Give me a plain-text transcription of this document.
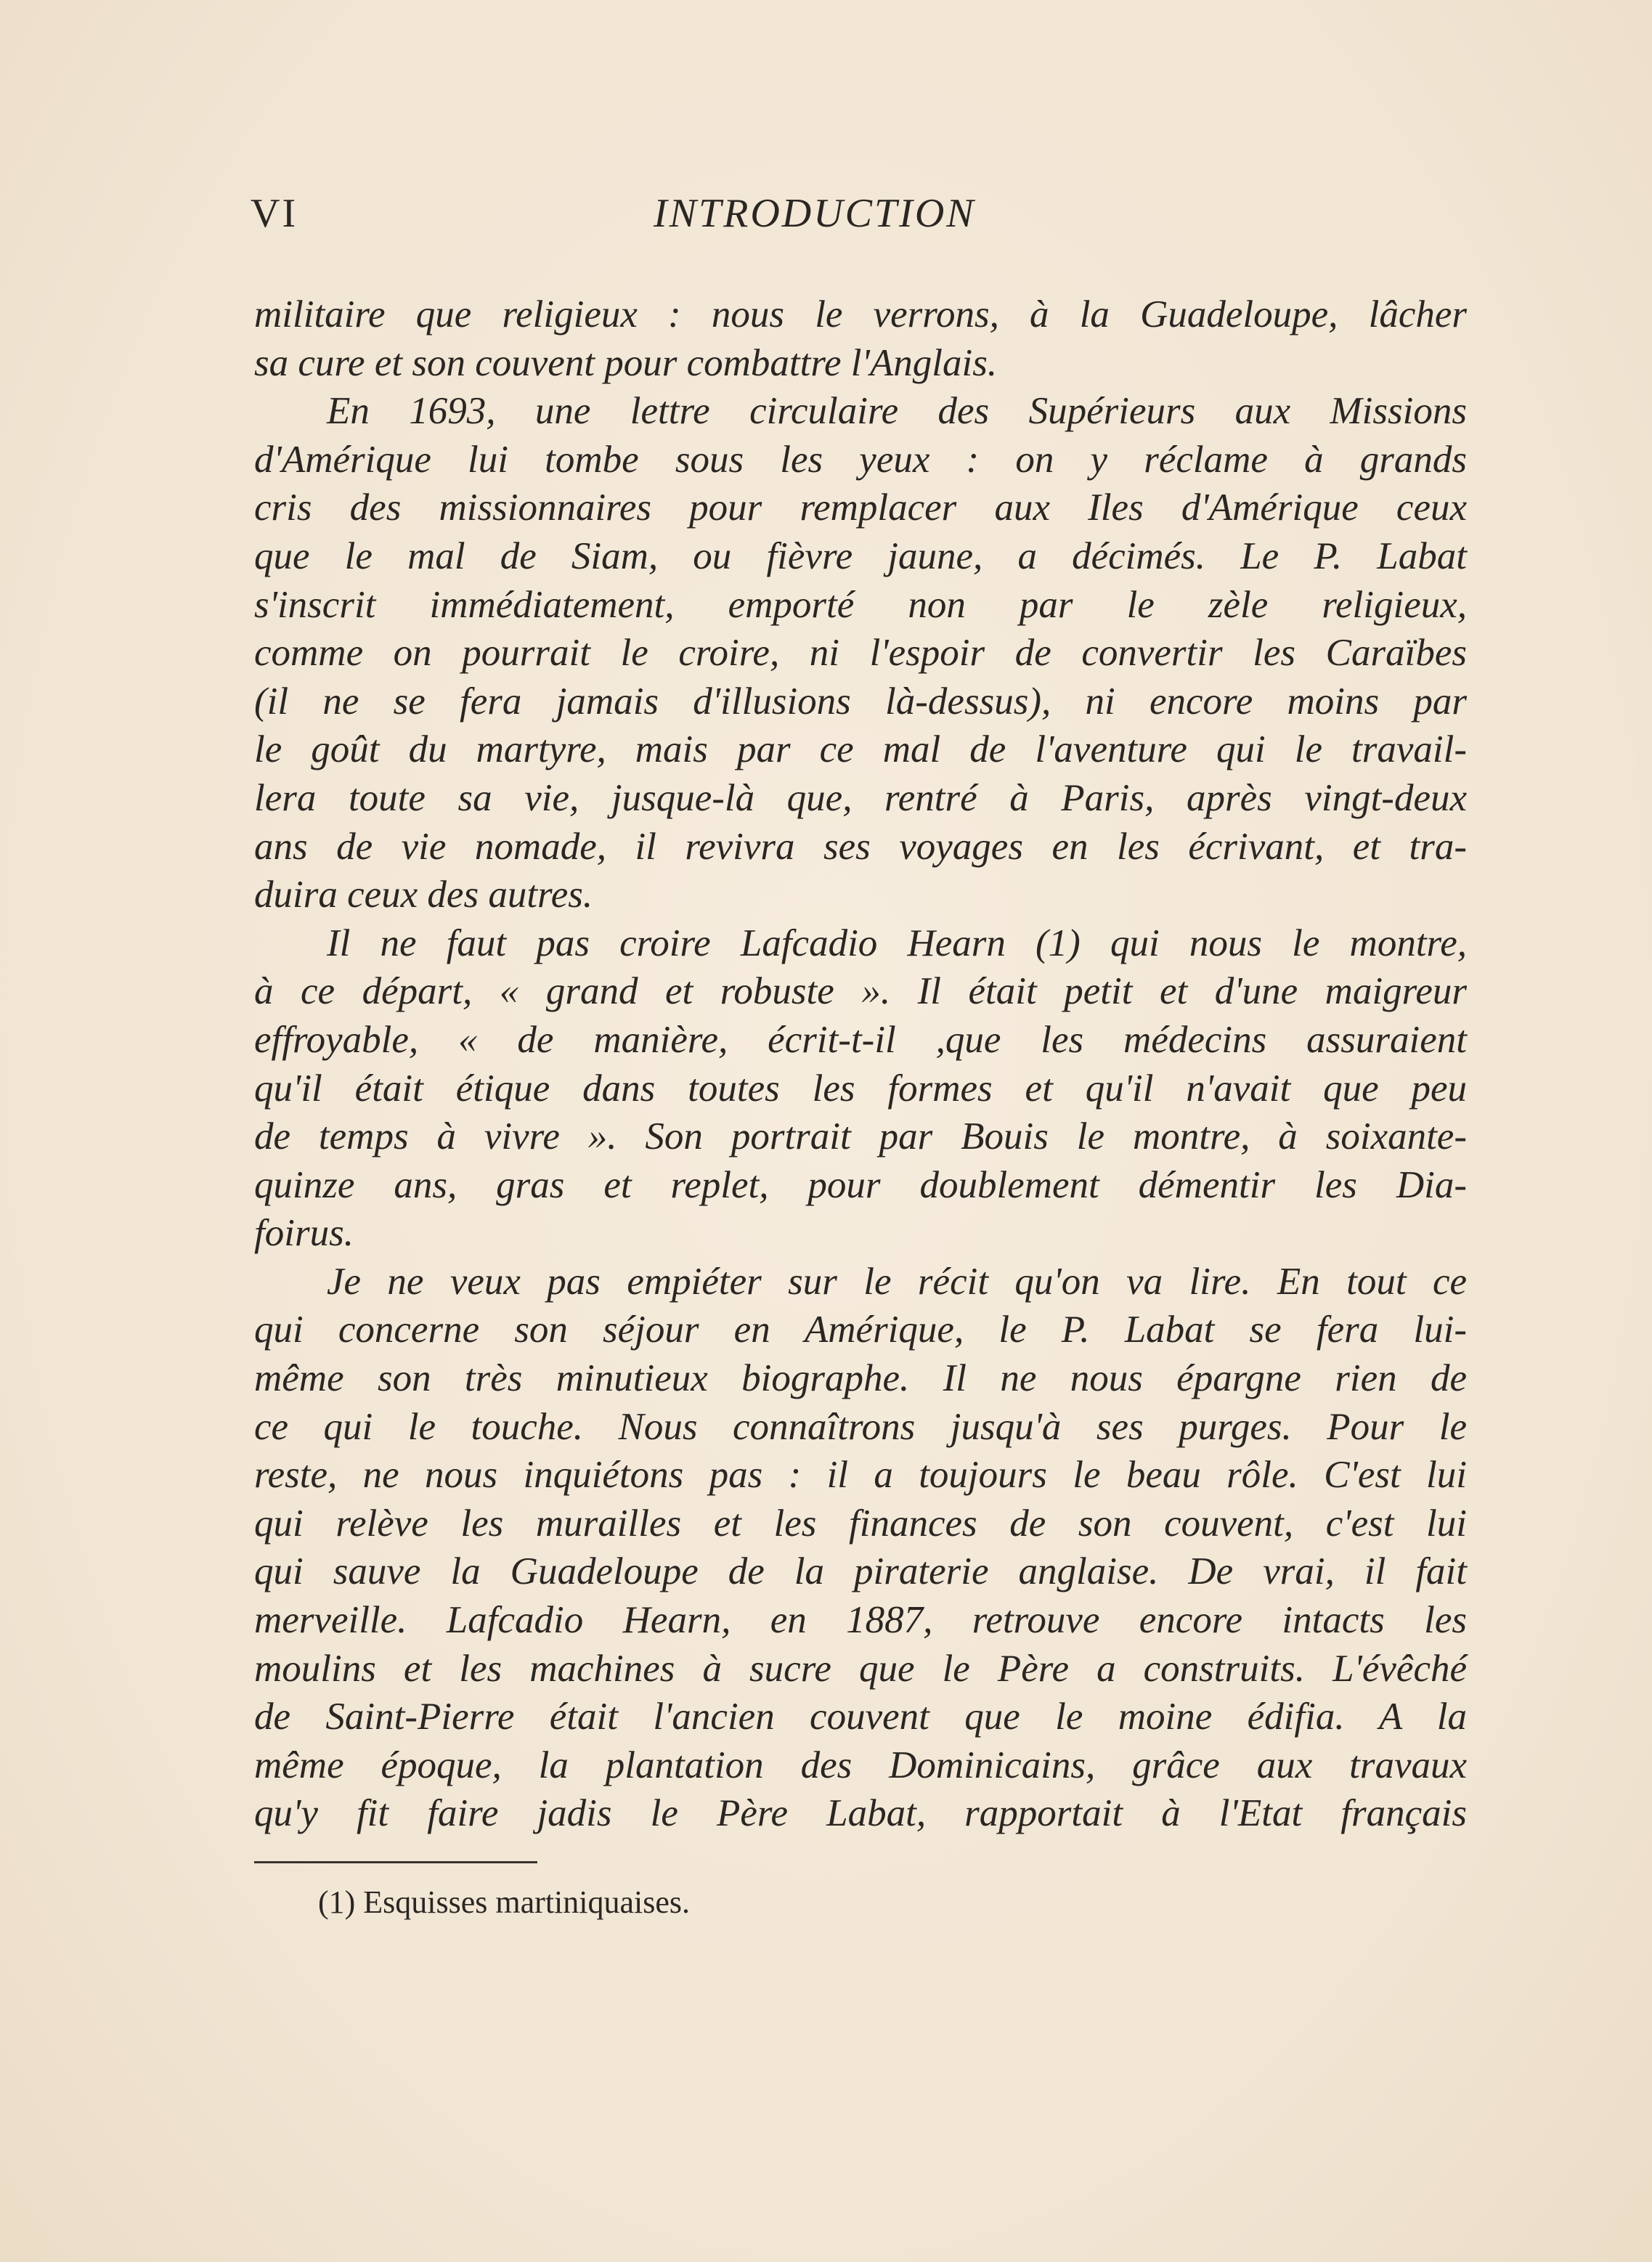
VI	INTRODUCTION
militaire que religieux : nous le verrons, à la Guadeloupe, lâcher
sa cure et son couvent pour combattre l'Anglais.
En 1693, une lettre circulaire des Supérieurs aux Missions
d'Amérique lui tombe sous les yeux : on y réclame à grands
cris des missionnaires pour remplacer aux Iles d'Amérique ceux
que le mal de Siam, ou fièvre jaune, a décimés. Le P. Labat
s'inscrit immédiatement, emporté non par le zèle religieux,
comme on pourrait le croire, ni l'espoir de convertir les Caraïbes
(il ne se fera jamais d'illusions là-dessus), ni encore moins par
le goût du martyre, mais par ce mal de l'aventure qui le travail-
lera toute sa vie, jusque-là que, rentré à Paris, après vingt-deux
ans de vie nomade, il revivra ses voyages en les écrivant, et tra-
duira ceux des autres.
Il ne faut pas croire Lafcadio Hearn (1) qui nous le montre,
à ce départ, « grand et robuste ». Il était petit et d'une maigreur
effroyable, « de manière, écrit-t-il ,que les médecins assuraient
qu'il était étique dans toutes les formes et qu'il n'avait que peu
de temps à vivre ». Son portrait par Bouis le montre, à soixante-
quinze ans, gras et replet, pour doublement démentir les Dia-
foirus.
Je ne veux pas empiéter sur le récit qu'on va lire. En tout ce
qui concerne son séjour en Amérique, le P. Labat se fera lui-
même son très minutieux biographe. Il ne nous épargne rien de
ce qui le touche. Nous connaîtrons jusqu'à ses purges. Pour le
reste, ne nous inquiétons pas : il a toujours le beau rôle. C'est lui
qui relève les murailles et les finances de son couvent, c'est lui
qui sauve la Guadeloupe de la piraterie anglaise. De vrai, il fait
merveille. Lafcadio Hearn, en 1887, retrouve encore intacts les
moulins et les machines à sucre que le Père a construits. L'évêché
de Saint-Pierre était l'ancien couvent que le moine édifia. A la
même époque, la plantation des Dominicains, grâce aux travaux
qu'y fit faire jadis le Père Labat, rapportait à l'Etat français
(1) Esquisses martiniquaises.
